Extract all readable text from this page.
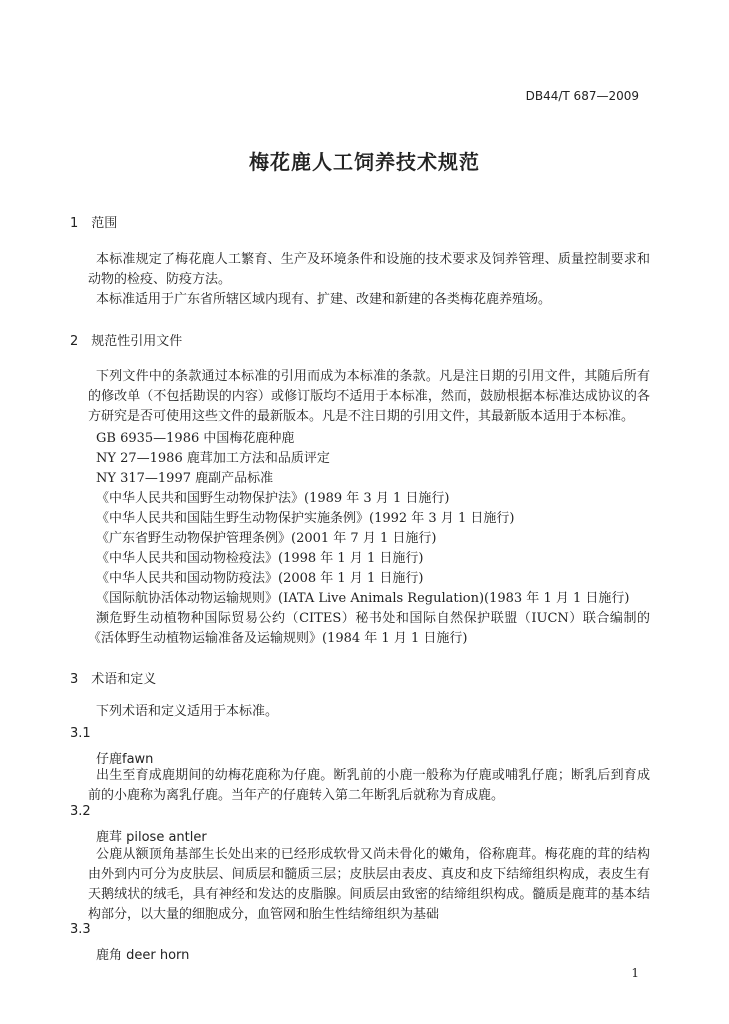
DB44/T 687—2009
梅花鹿人工饲养技术规范
1　范围
本标准规定了梅花鹿人工繁育、生产及环境条件和设施的技术要求及饲养管理、质量控制要求和动物的检疫、防疫方法。
本标准适用于广东省所辖区域内现有、扩建、改建和新建的各类梅花鹿养殖场。
2　规范性引用文件
下列文件中的条款通过本标准的引用而成为本标准的条款。凡是注日期的引用文件，其随后所有的修改单（不包括勘误的内容）或修订版均不适用于本标准，然而，鼓励根据本标准达成协议的各方研究是否可使用这些文件的最新版本。凡是不注日期的引用文件，其最新版本适用于本标准。
GB 6935—1986 中国梅花鹿种鹿
NY 27—1986 鹿茸加工方法和品质评定
NY 317—1997 鹿副产品标准
《中华人民共和国野生动物保护法》(1989 年 3 月 1 日施行)
《中华人民共和国陆生野生动物保护实施条例》(1992 年 3 月 1 日施行)
《广东省野生动物保护管理条例》(2001 年 7 月 1 日施行)
《中华人民共和国动物检疫法》(1998 年 1 月 1 日施行)
《中华人民共和国动物防疫法》(2008 年 1 月 1 日施行)
《国际航协活体动物运输规则》(IATA Live Animals Regulation)(1983 年 1 月 1 日施行)
濒危野生动植物种国际贸易公约（CITES）秘书处和国际自然保护联盟（IUCN）联合编制的《活体野生动植物运输准备及运输规则》(1984 年 1 月 1 日施行)
3　术语和定义
下列术语和定义适用于本标准。
3.1
仔鹿fawn
出生至育成鹿期间的幼梅花鹿称为仔鹿。断乳前的小鹿一般称为仔鹿或哺乳仔鹿；断乳后到育成前的小鹿称为离乳仔鹿。当年产的仔鹿转入第二年断乳后就称为育成鹿。
3.2
鹿茸 pilose antler
公鹿从额顶角基部生长处出来的已经形成软骨又尚未骨化的嫩角，俗称鹿茸。梅花鹿的茸的结构由外到内可分为皮肤层、间质层和髓质三层；皮肤层由表皮、真皮和皮下结缔组织构成，表皮生有天鹅绒状的绒毛，具有神经和发达的皮脂腺。间质层由致密的结缔组织构成。髓质是鹿茸的基本结构部分，以大量的细胞成分，血管网和胎生性结缔组织为基础
3.3
鹿角 deer horn
1
